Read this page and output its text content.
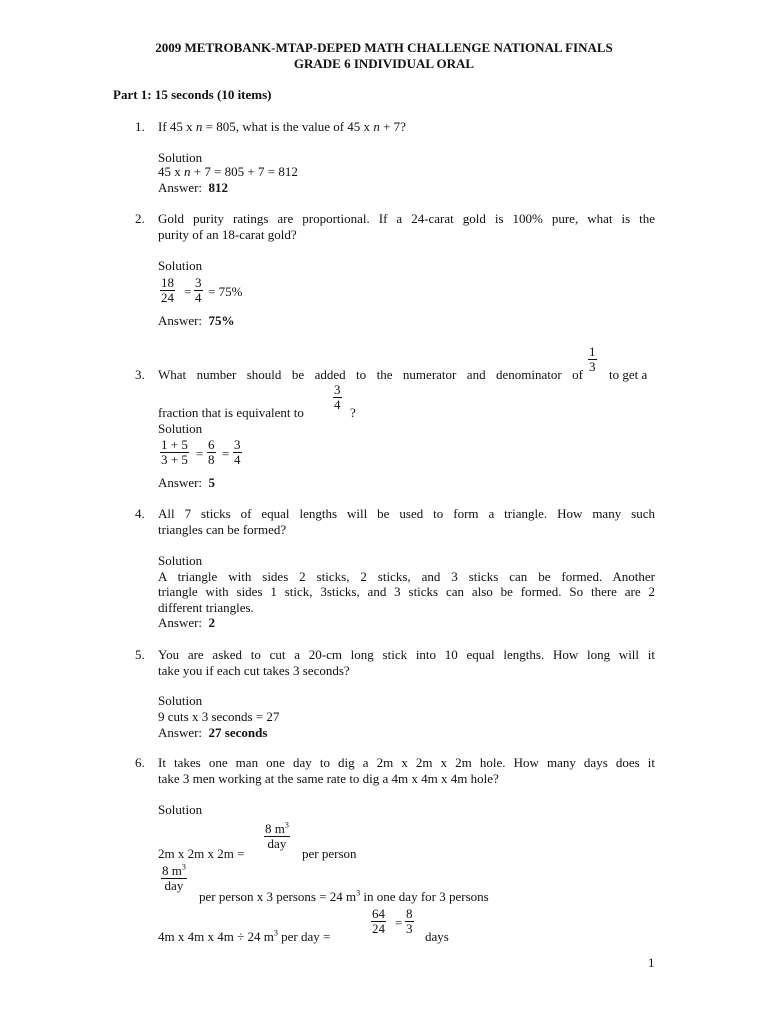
2009 METROBANK-MTAP-DEPED MATH CHALLENGE NATIONAL FINALS
GRADE 6 INDIVIDUAL ORAL
Part 1: 15 seconds (10 items)
1. If 45 x n = 805, what is the value of 45 x n + 7?
Solution
45 x n + 7 = 805 + 7 = 812
Answer: 812
2. Gold purity ratings are proportional. If a 24-carat gold is 100% pure, what is the
purity of an 18-carat gold?
Solution
$\frac{18}{24} = \frac{3}{4} = 75\%$
Answer: 75%
$\frac{1}{3}$
3. What number should be added to the numerator and denominator of to get a
$\frac{3}{4}$
fraction that is equivalent to	?
Solution
$\frac{1 + 5}{3 + 5} = \frac{6}{8} = \frac{3}{4}$
Answer: 5
4. All 7 sticks of equal lengths will be used to form a triangle. How many such
triangles can be formed?
Solution
A triangle with sides 2 sticks, 2 sticks, and 3 sticks can be formed. Another
triangle with sides 1 stick, 3sticks, and 3 sticks can also be formed. So there are 2
different triangles.
Answer: 2
5. You are asked to cut a 20-cm long stick into 10 equal lengths. How long will it
take you if each cut takes 3 seconds?
Solution
9 cuts x 3 seconds = 27
Answer: 27 seconds
6. It takes one man one day to dig a 2m x 2m x 2m hole. How many days does it
take 3 men working at the same rate to dig a 4m x 4m x 4m hole?
Solution
8 $m^3$
day
2m x 2m x 2m =	per person
8 $m^3$
day
per person x 3 persons = 24 $m^3$ in one day for 3 persons
$\frac{64}{24} = \frac{8}{3}$
4m x 4m x 4m ÷ 24 $m^3$ per day =	days
1
